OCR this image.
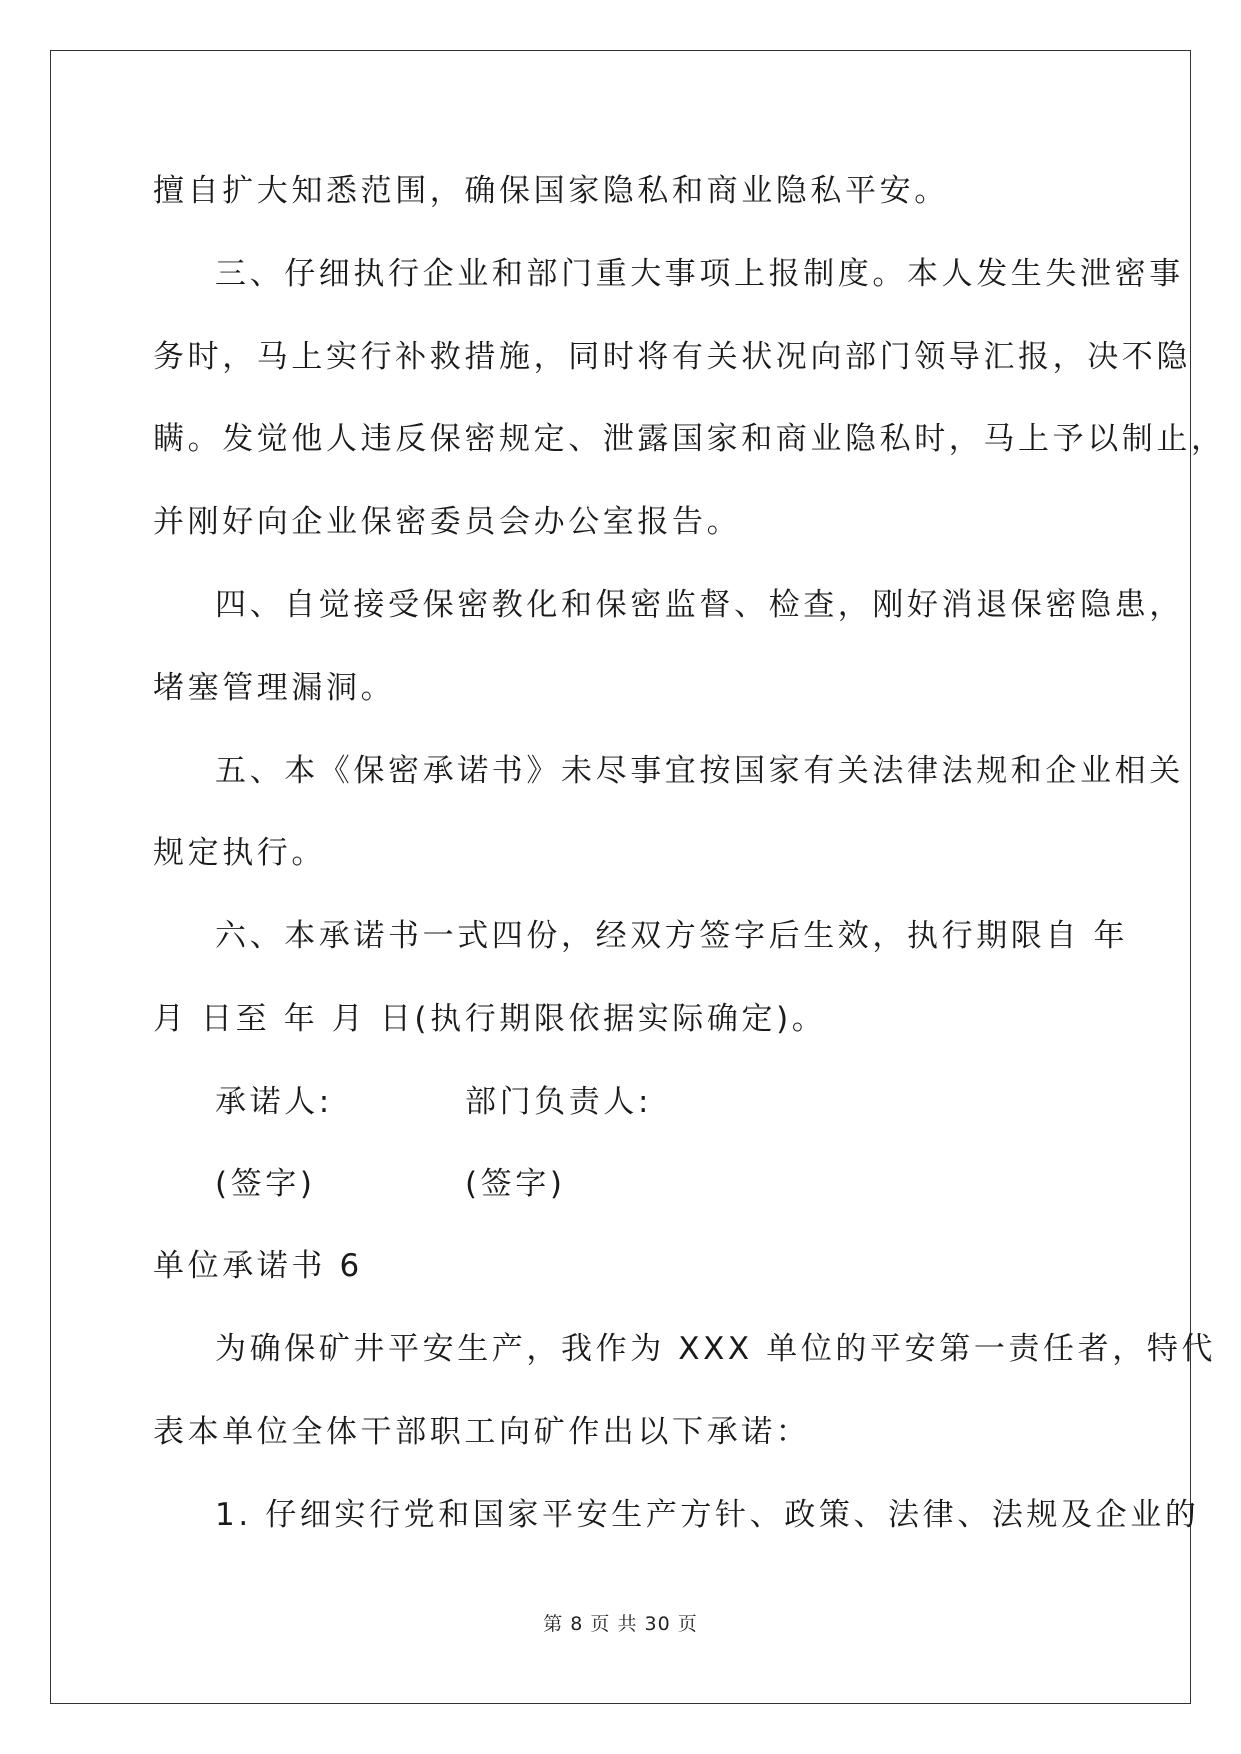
擅自扩大知悉范围，确保国家隐私和商业隐私平安。
三、仔细执行企业和部门重大事项上报制度。本人发生失泄密事
务时，马上实行补救措施，同时将有关状况向部门领导汇报，决不隐
瞒。发觉他人违反保密规定、泄露国家和商业隐私时，马上予以制止，
并刚好向企业保密委员会办公室报告。
四、自觉接受保密教化和保密监督、检查，刚好消退保密隐患，
堵塞管理漏洞。
五、本《保密承诺书》未尽事宜按国家有关法律法规和企业相关
规定执行。
六、本承诺书一式四份，经双方签字后生效，执行期限自 年
月 日至 年 月 日(执行期限依据实际确定)。
承诺人:	部门负责人:
(签字)	(签字)
单位承诺书 6
为确保矿井平安生产，我作为 XXX 单位的平安第一责任者，特代
表本单位全体干部职工向矿作出以下承诺：
1. 仔细实行党和国家平安生产方针、政策、法律、法规及企业的
第 8 页 共 30 页
